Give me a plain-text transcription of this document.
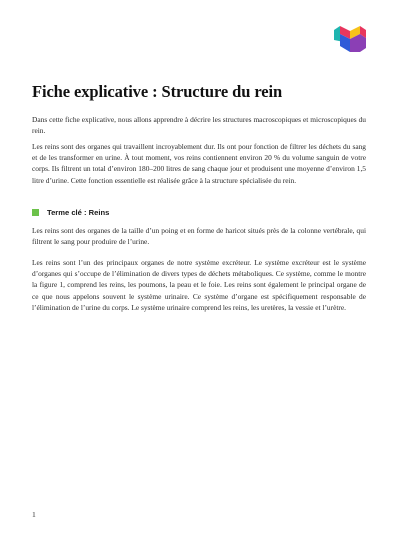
Fiche explicative : Structure du rein

Dans cette fiche explicative, nous allons apprendre à décrire les structures macroscopiques et microscopiques du rein.

Les reins sont des organes qui travaillent incroyablement dur. Ils ont pour fonction de filtrer les déchets du sang et de les transformer en urine. À tout moment, vos reins contiennent environ 20 % du volume sanguin de votre corps. Ils filtrent un total d’environ 180–200 litres de sang chaque jour et produisent une moyenne d’environ 1,5 litre d’urine. Cette fonction essentielle est réalisée grâce à la structure spécialisée du rein.

Terme clé : Reins

Les reins sont des organes de la taille d’un poing et en forme de haricot situés près de la colonne vertébrale, qui filtrent le sang pour produire de l’urine.

Les reins sont l’un des principaux organes de notre système excréteur. Le système excréteur est le système d’organes qui s’occupe de l’élimination de divers types de déchets métaboliques. Ce système, comme le montre la figure 1, comprend les reins, les poumons, la peau et le foie. Les reins sont également le principal organe de ce que nous appelons souvent le système urinaire. Ce système d’organe est spécifiquement responsable de l’élimination de l’urine du corps. Le système urinaire comprend les reins, les uretères, la vessie et l’urètre.

1
